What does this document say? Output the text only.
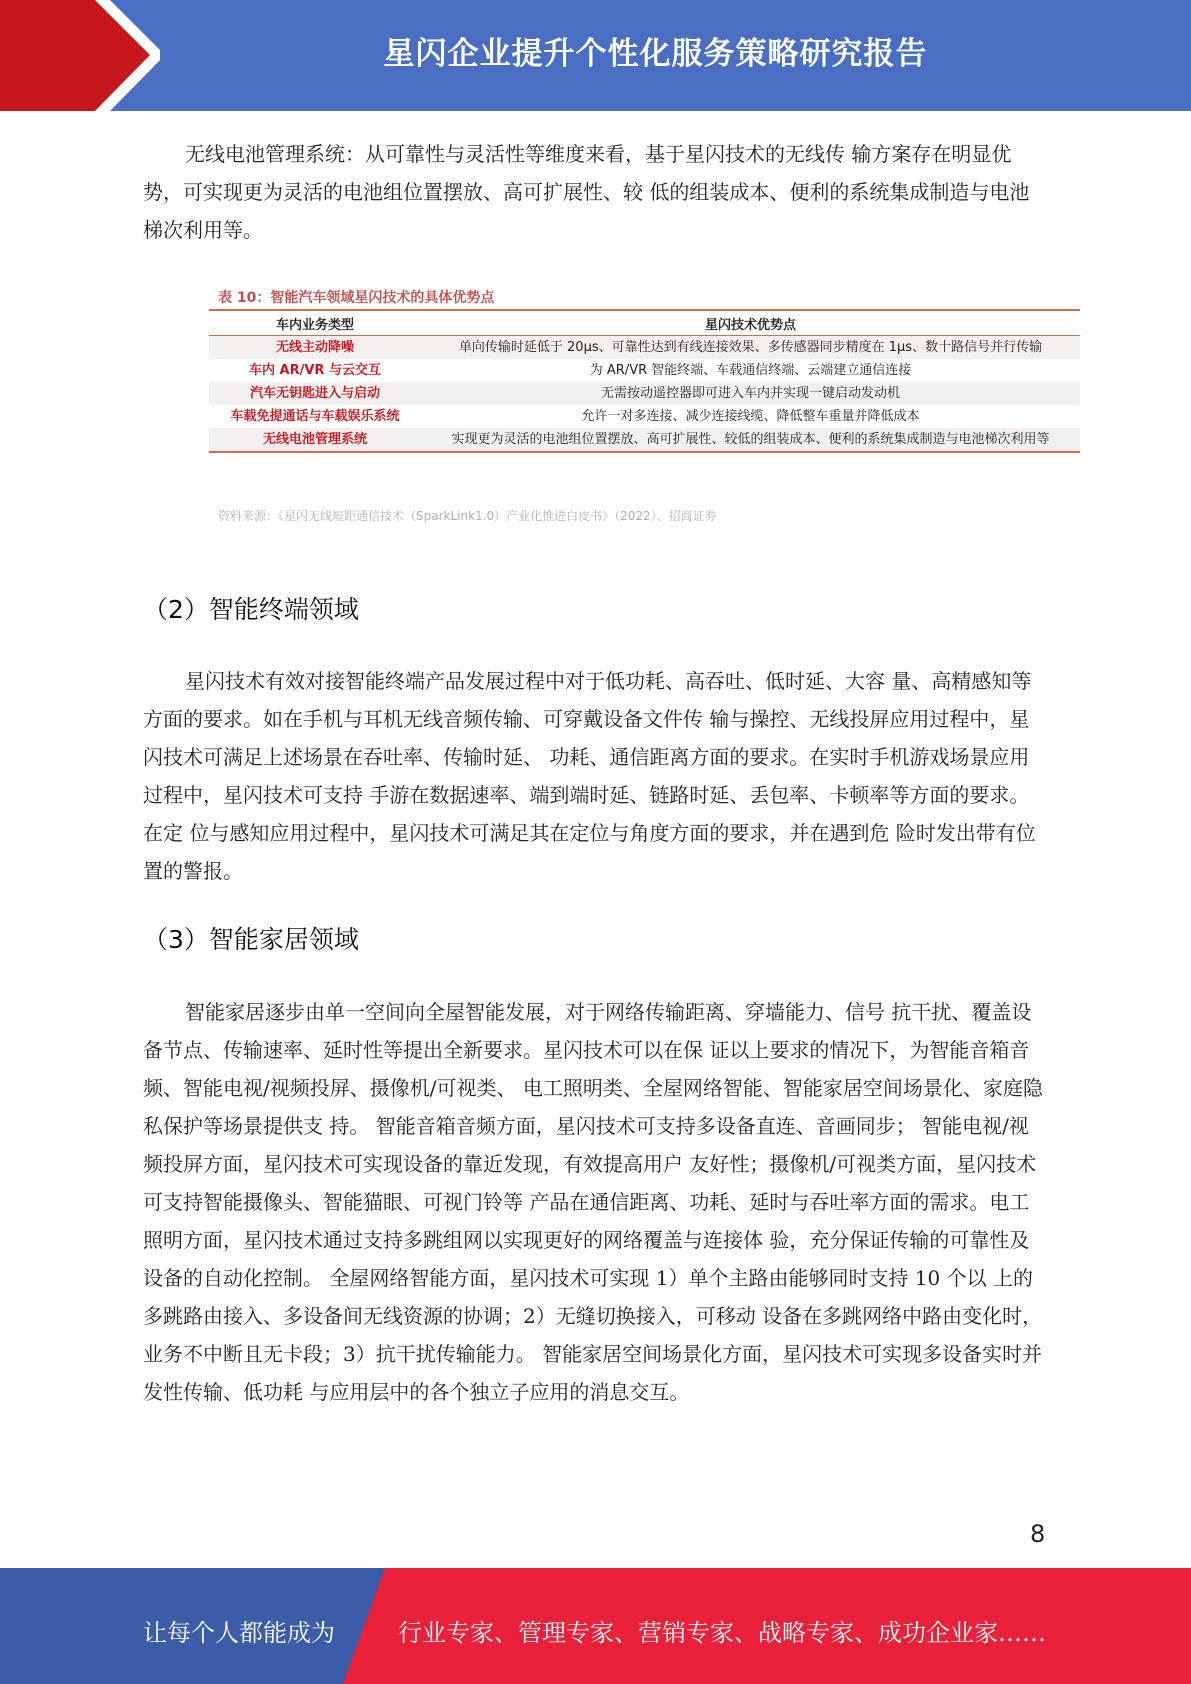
星闪企业提升个性化服务策略研究报告

无线电池管理系统：从可靠性与灵活性等维度来看，基于星闪技术的无线传 输方案存在明显优势，可实现更为灵活的电池组位置摆放、高可扩展性、较 低的组装成本、便利的系统集成制造与电池梯次利用等。

表 10：智能汽车领域星闪技术的具体优势点
车内业务类型	星闪技术优势点
无线主动降噪	单向传输时延低于 20μs、可靠性达到有线连接效果、多传感器同步精度在 1μs、数十路信号并行传输
车内 AR/VR 与云交互	为 AR/VR 智能终端、车载通信终端、云端建立通信连接
汽车无钥匙进入与启动	无需按动遥控器即可进入车内并实现一键启动发动机
车载免提通话与车载娱乐系统	允许一对多连接、减少连接线缆、降低整车重量并降低成本
无线电池管理系统	实现更为灵活的电池组位置摆放、高可扩展性、较低的组装成本、便利的系统集成制造与电池梯次利用等
资料来源：《星闪无线短距通信技术（SparkLink1.0）产业化推进白皮书》（2022）、招商证券
（2）智能终端领域

星闪技术有效对接智能终端产品发展过程中对于低功耗、高吞吐、低时延、大容 量、高精感知等方面的要求。如在手机与耳机无线音频传输、可穿戴设备文件传 输与操控、无线投屏应用过程中，星闪技术可满足上述场景在吞吐率、传输时延、 功耗、通信距离方面的要求。在实时手机游戏场景应用过程中，星闪技术可支持 手游在数据速率、端到端时延、链路时延、丢包率、卡顿率等方面的要求。在定 位与感知应用过程中，星闪技术可满足其在定位与角度方面的要求，并在遇到危 险时发出带有位置的警报。

（3）智能家居领域

智能家居逐步由单一空间向全屋智能发展，对于网络传输距离、穿墙能力、信号 抗干扰、覆盖设备节点、传输速率、延时性等提出全新要求。星闪技术可以在保 证以上要求的情况下，为智能音箱音频、智能电视/视频投屏、摄像机/可视类、 电工照明类、全屋网络智能、智能家居空间场景化、家庭隐私保护等场景提供支 持。 智能音箱音频方面，星闪技术可支持多设备直连、音画同步； 智能电视/视频投屏方面，星闪技术可实现设备的靠近发现，有效提高用户 友好性；摄像机/可视类方面，星闪技术可支持智能摄像头、智能猫眼、可视门铃等 产品在通信距离、功耗、延时与吞吐率方面的需求。电工照明方面，星闪技术通过支持多跳组网以实现更好的网络覆盖与连接体 验，充分保证传输的可靠性及设备的自动化控制。 全屋网络智能方面，星闪技术可实现 1）单个主路由能够同时支持 10 个以 上的多跳路由接入、多设备间无线资源的协调；2）无缝切换接入，可移动 设备在多跳网络中路由变化时，业务不中断且无卡段；3）抗干扰传输能力。 智能家居空间场景化方面，星闪技术可实现多设备实时并发性传输、低功耗 与应用层中的各个独立子应用的消息交互。

8
让每个人都能成为	行业专家、管理专家、营销专家、战略专家、成功企业家……
